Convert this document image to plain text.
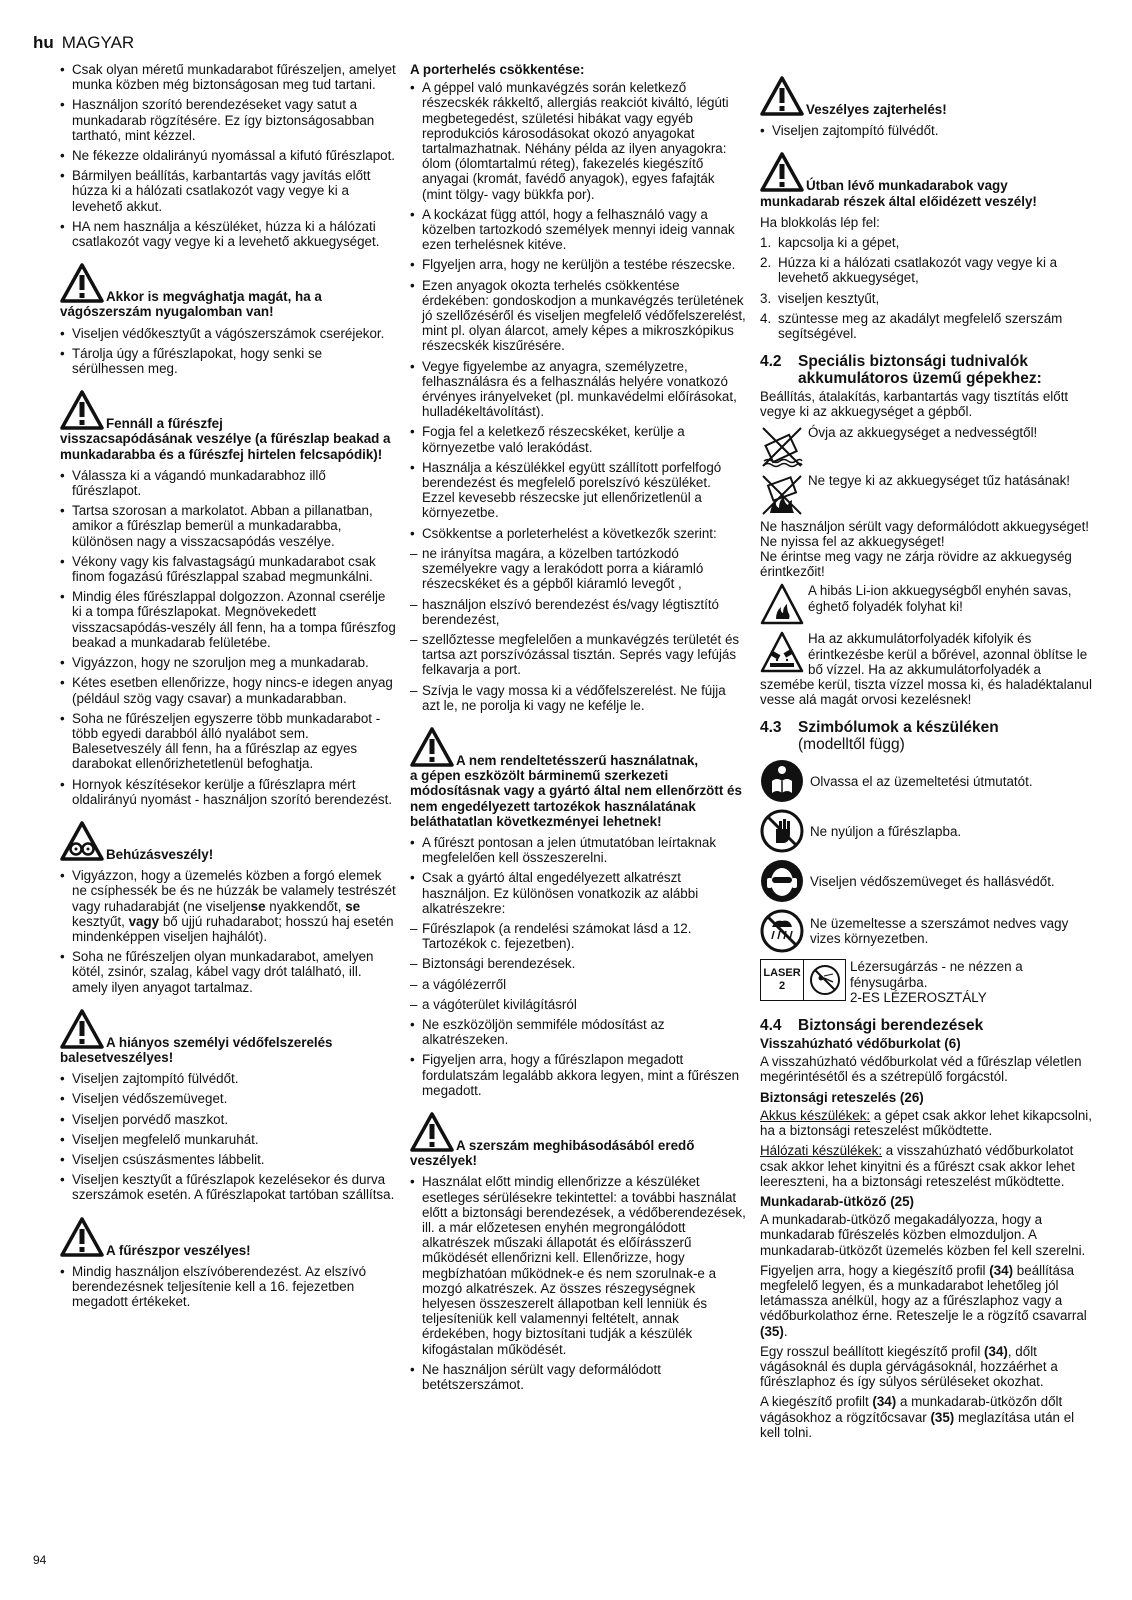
hu MAGYAR
• Csak olyan méretű munkadarabot fűrészeljen, amelyet munka közben még biztonságosan meg tud tartani.
• Használjon szorító berendezéseket vagy satut a munkadarab rögzítésére. Ez így biztonságosabban tartható, mint kézzel.
• Ne fékezze oldalirányú nyomással a kifutó fűrészlapot.
• Bármilyen beállítás, karbantartás vagy javítás előtt húzza ki a hálózati csatlakozót vagy vegye ki a levehető akkut.
• HA nem használja a készüléket, húzza ki a hálózati csatlakozót vagy vegye ki a levehető akkuegységet.
Akkor is megvághatja magát, ha a
vágószerszám nyugalomban van!
• Viseljen védőkesztyűt a vágószerszámok cseréjekor.
• Tárolja úgy a fűrészlapokat, hogy senki se sérülhessen meg.
Fennáll a fűrészfej
visszacsapódásának veszélye (a fűrészlap beakad a munkadarabba és a fűrészfej hirtelen felcsapódik)!
• Válassza ki a vágandó munkadarabhoz illő fűrészlapot.
• Tartsa szorosan a markolatot. Abban a pillanatban, amikor a fűrészlap bemerül a munkadarabba, különösen nagy a visszacsapódás veszélye.
• Vékony vagy kis falvastagságú munkadarabot csak finom fogazású fűrészlappal szabad megmunkálni.
• Mindig éles fűrészlappal dolgozzon. Azonnal cserélje ki a tompa fűrészlapokat. Megnövekedett visszacsapódás-veszély áll fenn, ha a tompa fűrészfog beakad a munkadarab felületébe.
• Vigyázzon, hogy ne szoruljon meg a munkadarab.
• Kétes esetben ellenőrizze, hogy nincs-e idegen anyag (például szög vagy csavar) a munkadarabban.
• Soha ne fűrészeljen egyszerre több munkadarabot - több egyedi darabból álló nyalábot sem. Balesetveszély áll fenn, ha a fűrészlap az egyes darabokat ellenőrizhetetlenül befoghatja.
• Hornyok készítésekor kerülje a fűrészlapra mért oldalirányú nyomást - használjon szorító berendezést.
Behúzásveszély!
• Vigyázzon, hogy a üzemelés közben a forgó elemek ne csíphessék be és ne húzzák be valamely testrészét vagy ruhadarabját (ne viseljense nyakkendőt, se kesztyűt, vagy bő ujjú ruhadarabot; hosszú haj esetén mindenképpen viseljen hajhálót).
• Soha ne fűrészeljen olyan munkadarabot, amelyen kötél, zsinór, szalag, kábel vagy drót található, ill. amely ilyen anyagot tartalmaz.
A hiányos személyi védőfelszerelés
balesetveszélyes!
• Viseljen zajtompító fülvédőt.
• Viseljen védőszemüveget.
• Viseljen porvédő maszkot.
• Viseljen megfelelő munkaruhát.
• Viseljen csúszásmentes lábbelit.
• Viseljen kesztyűt a fűrészlapok kezelésekor és durva szerszámok esetén. A fűrészlapokat tartóban szállítsa.
A fűrészpor veszélyes!
• Mindig használjon elszívóberendezést. Az elszívó berendezésnek teljesítenie kell a 16. fejezetben megadott értékeket.
A porterhelés csökkentése:
• A géppel való munkavégzés során keletkező részecskék rákkeltő, allergiás reakciót kiváltó, légúti megbetegedést, születési hibákat vagy egyéb reprodukciós károsodásokat okozó anyagokat tartalmazhatnak. Néhány példa az ilyen anyagokra: ólom (ólomtartalmú réteg), fakezelés kiegészítő anyagai (kromát, favédő anyagok), egyes fafajták (mint tölgy- vagy bükkfa por).
• A kockázat függ attól, hogy a felhasználó vagy a közelben tartozkodó személyek mennyi ideig vannak ezen terhelésnek kitéve.
• Flgyeljen arra, hogy ne kerüljön a testébe részecske.
• Ezen anyagok okozta terhelés csökkentése érdekében: gondoskodjon a munkavégzés területének jó szellőzéséről és viseljen megfelelő védőfelszerelést, mint pl. olyan álarcot, amely képes a mikroszkópikus részecskék kiszűrésére.
• Vegye figyelembe az anyagra, személyzetre, felhasználásra és a felhasználás helyére vonatkozó érvényes irányelveket (pl. munkavédelmi előírásokat, hulladékeltávolítást).
• Fogja fel a keletkező részecskéket, kerülje a környezetbe való lerakódást.
• Használja a készülékkel együtt szállított porfelfogó berendezést és megfelelő porelszívó készüléket. Ezzel kevesebb részecske jut ellenőrizetlenül a környezetbe.
• Csökkentse a porleterhelést a következők szerint:
– ne irányítsa magára, a közelben tartózkodó személyekre vagy a lerakódott porra a kiáramló részecskéket és a gépből kiáramló levegőt ,
– használjon elszívó berendezést és/vagy légtisztító berendezést,
– szellőztesse megfelelően a munkavégzés területét és tartsa azt porszívózással tisztán. Seprés vagy lefújás felkavarja a port.
– Szívja le vagy mossa ki a védőfelszerelést. Ne fújja azt le, ne porolja ki vagy ne kefélje le.
A nem rendeltetésszerű használatnak,
a gépen eszközölt bárminemű szerkezeti módosításnak vagy a gyártó által nem ellenőrzött és nem engedélyezett tartozékok használatának beláthatatlan következményei lehetnek!
• A fűrészt pontosan a jelen útmutatóban leírtaknak megfelelően kell összeszerelni.
• Csak a gyártó által engedélyezett alkatrészt használjon. Ez különösen vonatkozik az alábbi alkatrészekre:
– Fűrészlapok (a rendelési számokat lásd a 12. Tartozékok c. fejezetben).
– Biztonsági berendezések.
– a vágólézerről
– a vágóterület kivilágításról
• Ne eszközöljön semmiféle módosítást az alkatrészeken.
• Figyeljen arra, hogy a fűrészlapon megadott fordulatszám legalább akkora legyen, mint a fűrészen megadott.
A szerszám meghibásodásából eredő
veszélyek!
• Használat előtt mindig ellenőrizze a készüléket esetleges sérülésekre tekintettel: a további használat előtt a biztonsági berendezések, a védőberendezések, ill. a már előzetesen enyhén megrongálódott alkatrészek műszaki állapotát és előírásszerű működését ellenőrizni kell. Ellenőrizze, hogy megbízhatóan működnek-e és nem szorulnak-e a mozgó alkatrészek. Az összes részegységnek helyesen összeszerelt állapotban kell lenniük és teljesíteniük kell valamennyi feltételt, annak érdekében, hogy biztosítani tudják a készülék kifogástalan működését.
• Ne használjon sérült vagy deformálódott betétszerszámot.
Veszélyes zajterhelés!
• Viseljen zajtompító fülvédőt.
Útban lévő munkadarabok vagy
munkadarab részek által előidézett veszély!
Ha blokkolás lép fel:
1. kapcsolja ki a gépet,
2. Húzza ki a hálózati csatlakozót vagy vegye ki a levehető akkuegységet,
3. viseljen kesztyűt,
4. szüntesse meg az akadályt megfelelő szerszám segítségével.
4.2 Speciális biztonsági tudnivalók
akkumulátoros üzemű gépekhez:
Beállítás, átalakítás, karbantartás vagy tisztítás előtt vegye ki az akkuegységet a gépből.
Óvja az akkuegységet a nedvességtől!
Ne tegye ki az akkuegységet tűz hatásának!
Ne használjon sérült vagy deformálódott akkuegységet!
Ne nyissa fel az akkuegységet!
Ne érintse meg vagy ne zárja rövidre az akkuegység érintkezőit!
A hibás Li-ion akkuegységből enyhén savas, éghető folyadék folyhat ki!
Ha az akkumulátorfolyadék kifolyik és érintkezésbe kerül a bőrével, azonnal öblítse le bő vízzel. Ha az akkumulátorfolyadék a szemébe kerül, tiszta vízzel mossa ki, és haladéktalanul vesse alá magát orvosi kezelésnek!
4.3 Szimbólumok a készüléken
(modelltől függ)
Olvassa el az üzemeltetési útmutatót.
Ne nyúljon a fűrészlapba.
Viseljen védőszemüveget és hallásvédőt.
Ne üzemeltesse a szerszámot nedves vagy vizes környezetben.
LASER
2
Lézersugárzás - ne nézzen a fénysugárba.
2-ES LÉZEROSZTÁLY
4.4 Biztonsági berendezések
Visszahúzható védőburkolat (6)
A visszahúzható védőburkolat véd a fűrészlap véletlen megérintésétől és a szétrepülő forgácstól.
Biztonsági reteszelés (26)
Akkus készülékek: a gépet csak akkor lehet kikapcsolni, ha a biztonsági reteszelést működtette.
Hálózati készülékek: a visszahúzható védőburkolatot csak akkor lehet kinyitni és a fűrészt csak akkor lehet leereszteni, ha a biztonsági reteszelést működtette.
Munkadarab-ütköző (25)
A munkadarab-ütköző megakadályozza, hogy a munkadarab fűrészelés közben elmozduljon. A munkadarab-ütközőt üzemelés közben fel kell szerelni.
Figyeljen arra, hogy a kiegészítő profil (34) beállítása megfelelő legyen, és a munkadarabot lehetőleg jól letámassza anélkül, hogy az a fűrészlaphoz vagy a védőburkolathoz érne. Reteszelje le a rögzítő csavarral (35).
Egy rosszul beállított kiegészítő profil (34), dőlt vágásoknál és dupla gérvágásoknál, hozzáérhet a fűrészlaphoz és így súlyos sérüléseket okozhat.
A kiegészítő profilt (34) a munkadarab-ütközőn dőlt vágásokhoz a rögzítőcsavar (35) meglazítása után el kell tolni.
94
